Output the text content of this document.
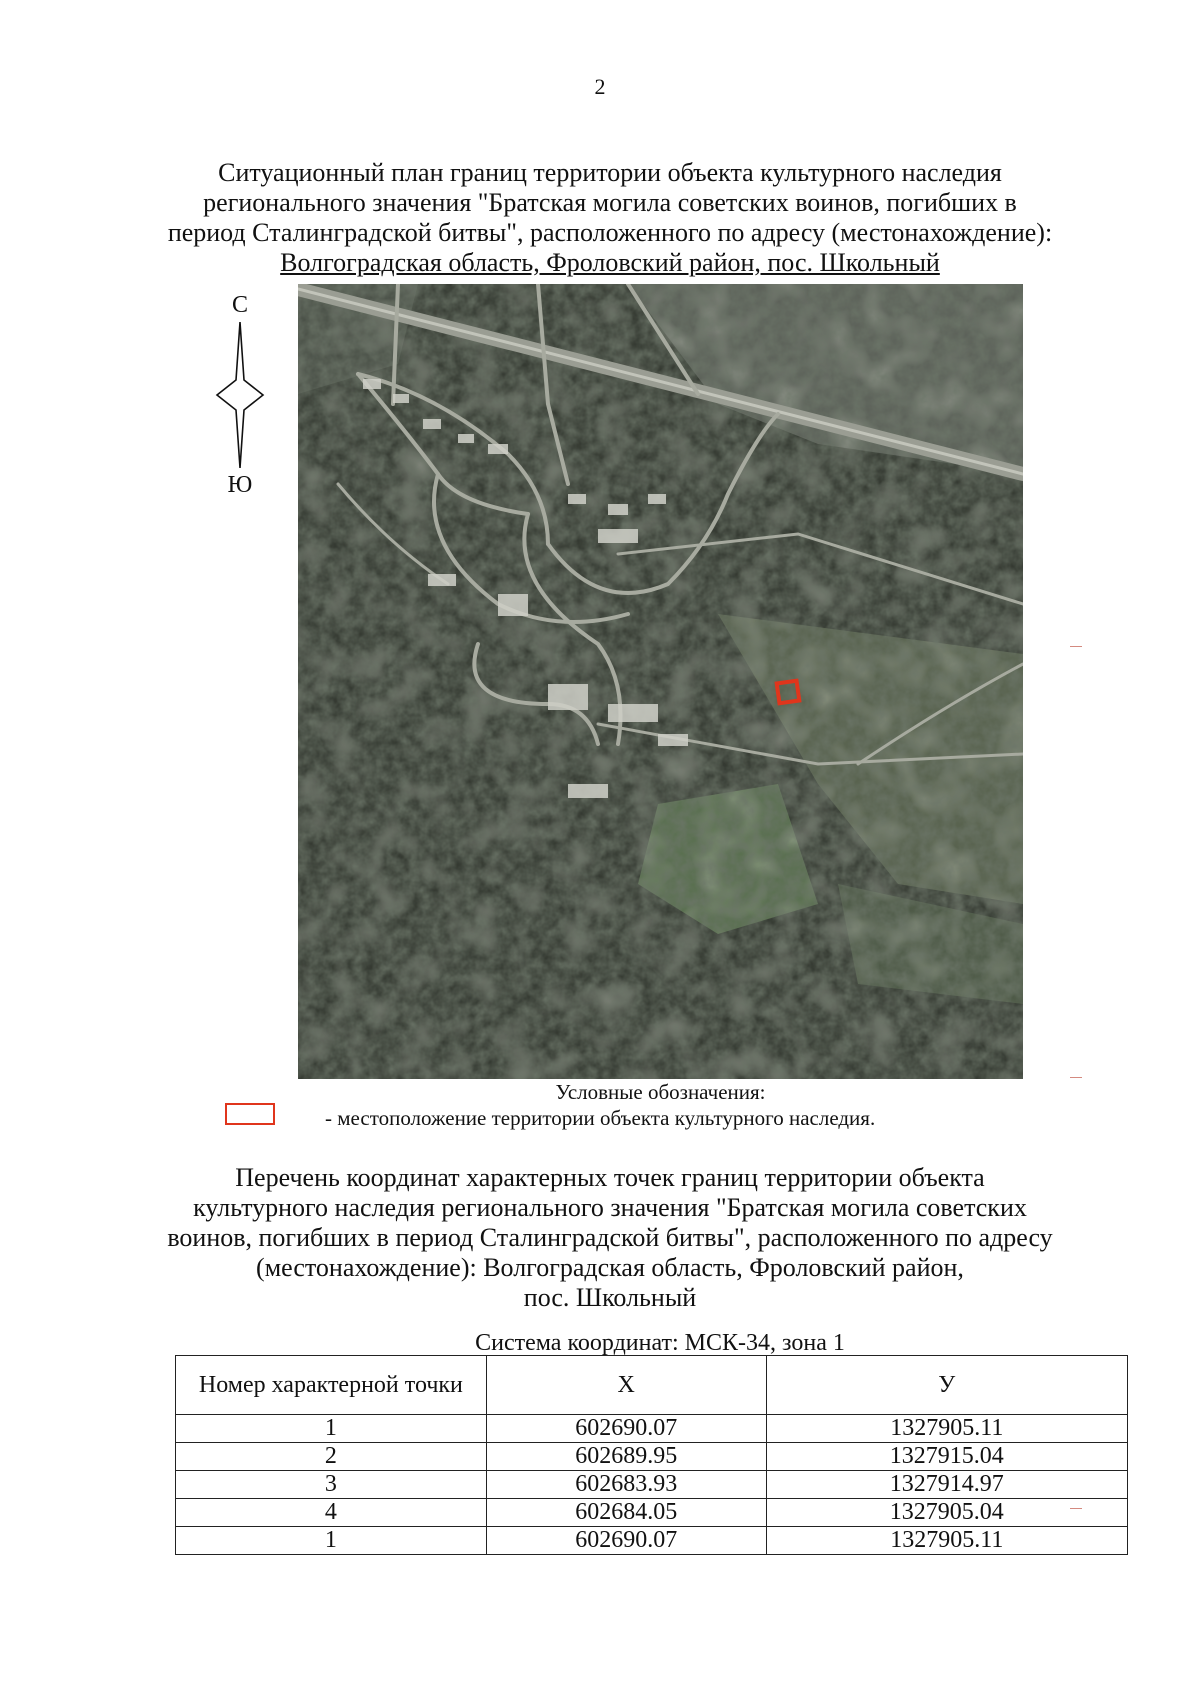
2
Ситуационный план границ территории объекта культурного наследия
регионального значения "Братская могила советских воинов, погибших в
период Сталинградской битвы", расположенного по адресу (местонахождение):
Волгоградская область, Фроловский район, пос. Школьный
С
Ю
Условные обозначения:
- местоположение территории объекта культурного наследия.
Перечень координат характерных точек границ территории объекта
культурного наследия регионального значения "Братская могила советских
воинов, погибших в период Сталинградской битвы", расположенного по адресу
(местонахождение): Волгоградская область, Фроловский район,
пос. Школьный
Система координат: МСК-34, зона 1
Номер характерной точки	X	У
1	602690.07	1327905.11
2	602689.95	1327915.04
3	602683.93	1327914.97
4	602684.05	1327905.04
1	602690.07	1327905.11
